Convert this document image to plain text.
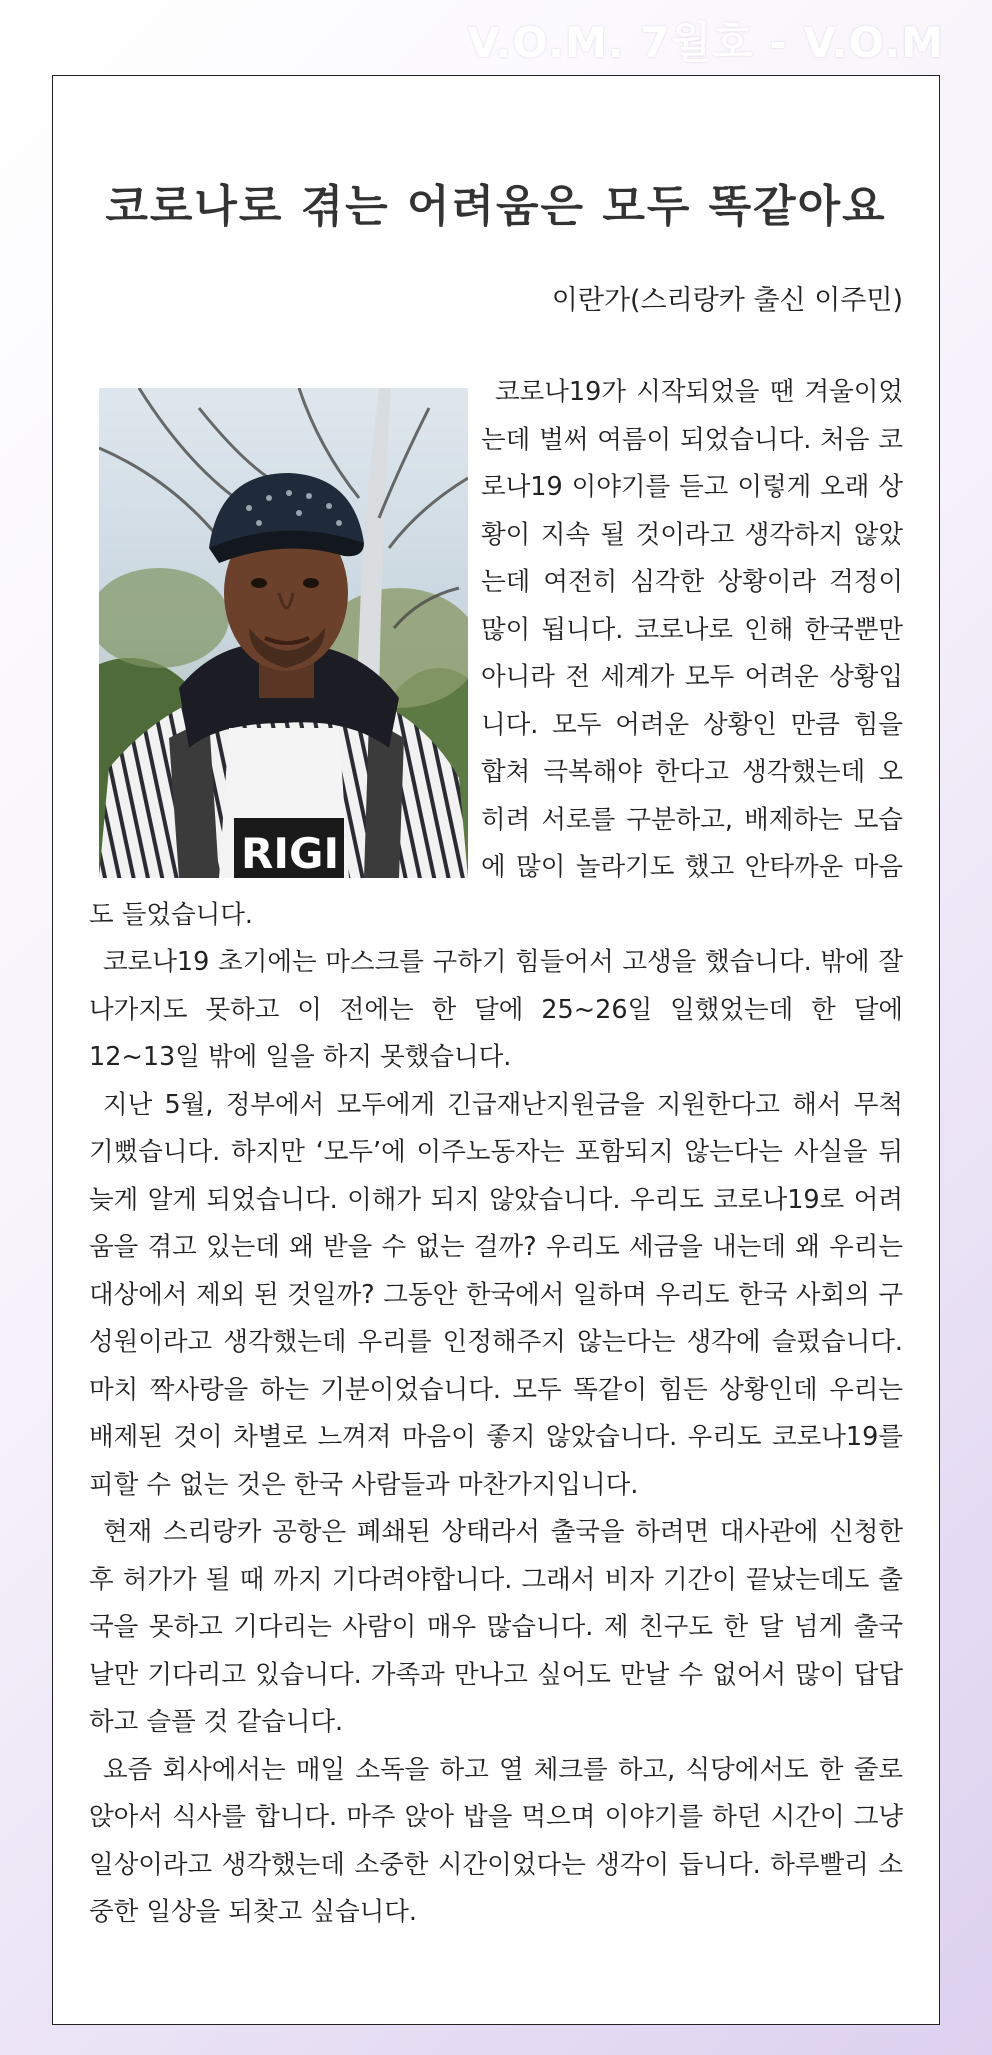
V.O.M. 7월호 - V.O.M
코로나로 겪는 어려움은 모두 똑같아요
이란가(스리랑카 출신 이주민)
RIGI

코로나19가 시작되었을 땐 겨울이었는데 벌써 여름이 되었습니다. 처음 코로나19 이야기를 듣고 이렇게 오래 상황이 지속 될 것이라고 생각하지 않았는데 여전히 심각한 상황이라 걱정이 많이 됩니다. 코로나로 인해 한국뿐만 아니라 전 세계가 모두 어려운 상황입니다. 모두 어려운 상황인 만큼 힘을 합쳐 극복해야 한다고 생각했는데 오히려 서로를 구분하고, 배제하는 모습에 많이 놀라기도 했고 안타까운 마음도 들었습니다.

코로나19 초기에는 마스크를 구하기 힘들어서 고생을 했습니다. 밖에 잘 나가지도 못하고 이 전에는 한 달에 25~26일 일했었는데 한 달에 12~13일 밖에 일을 하지 못했습니다.

지난 5월, 정부에서 모두에게 긴급재난지원금을 지원한다고 해서 무척 기뻤습니다. 하지만 ‘모두’에 이주노동자는 포함되지 않는다는 사실을 뒤늦게 알게 되었습니다. 이해가 되지 않았습니다. 우리도 코로나19로 어려움을 겪고 있는데 왜 받을 수 없는 걸까? 우리도 세금을 내는데 왜 우리는 대상에서 제외 된 것일까? 그동안 한국에서 일하며 우리도 한국 사회의 구성원이라고 생각했는데 우리를 인정해주지 않는다는 생각에 슬펐습니다. 마치 짝사랑을 하는 기분이었습니다. 모두 똑같이 힘든 상황인데 우리는 배제된 것이 차별로 느껴져 마음이 좋지 않았습니다. 우리도 코로나19를 피할 수 없는 것은 한국 사람들과 마찬가지입니다.

현재 스리랑카 공항은 폐쇄된 상태라서 출국을 하려면 대사관에 신청한 후 허가가 될 때 까지 기다려야합니다. 그래서 비자 기간이 끝났는데도 출국을 못하고 기다리는 사람이 매우 많습니다. 제 친구도 한 달 넘게 출국 날만 기다리고 있습니다. 가족과 만나고 싶어도 만날 수 없어서 많이 답답하고 슬플 것 같습니다.

요즘 회사에서는 매일 소독을 하고 열 체크를 하고, 식당에서도 한 줄로 앉아서 식사를 합니다. 마주 앉아 밥을 먹으며 이야기를 하던 시간이 그냥 일상이라고 생각했는데 소중한 시간이었다는 생각이 듭니다. 하루빨리 소중한 일상을 되찾고 싶습니다.
